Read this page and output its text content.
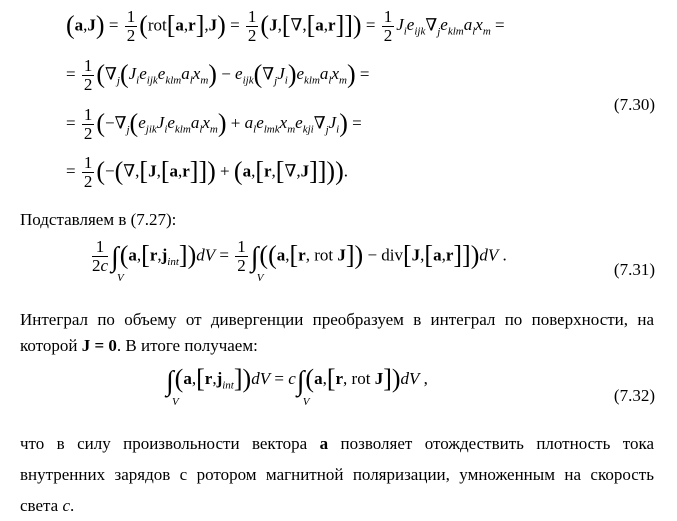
$(a,J) = \frac{1}{2} (rot[a,r],J) = \frac{1}{2} (J,[\nabla,[a,r]]) = \frac{1}{2} J_ie_{ijk}\nabla_je_{klm}a_lx_m$ =
= $\frac{1}{2} (\nabla_j(J_ie_{ijk}e_{klm}a_lx_m) - e_{ijk}(\nabla_jJ_i)e_{klm}a_lx_m)$ =
= $\frac{1}{2} (-\nabla_j(e_{jik}J_ie_{klm}a_lx_m) + a_le_{lmk}x_me_{kji}\nabla_jJ_i)$ =
= $\frac{1}{2} (-(\nabla,[J,[a,r]]) + (a,[r,[\nabla,J]]))$.
(7.30)
Подставляем в (7.27):
$\frac{1}{2c}$ ∫
V
$(a,[r,j_{int}])dV = \frac{1}{2}$ ∫
V
((a,[r, rot J]) − div[J,[a,r]])dV .
(7.31)
Интеграл по объему от дивергенции преобразуем в интеграл по поверхности, на которой J = 0. В итоге получаем:
∫
V
$(a,[r,j_{int}])dV = c\int$
V
(a,[r, rot J])dV ,
(7.32)
что в силу произвольности вектора a позволяет отождествить плотность тока внутренних зарядов с ротором магнитной поляризации, умноженным на скорость света c.
